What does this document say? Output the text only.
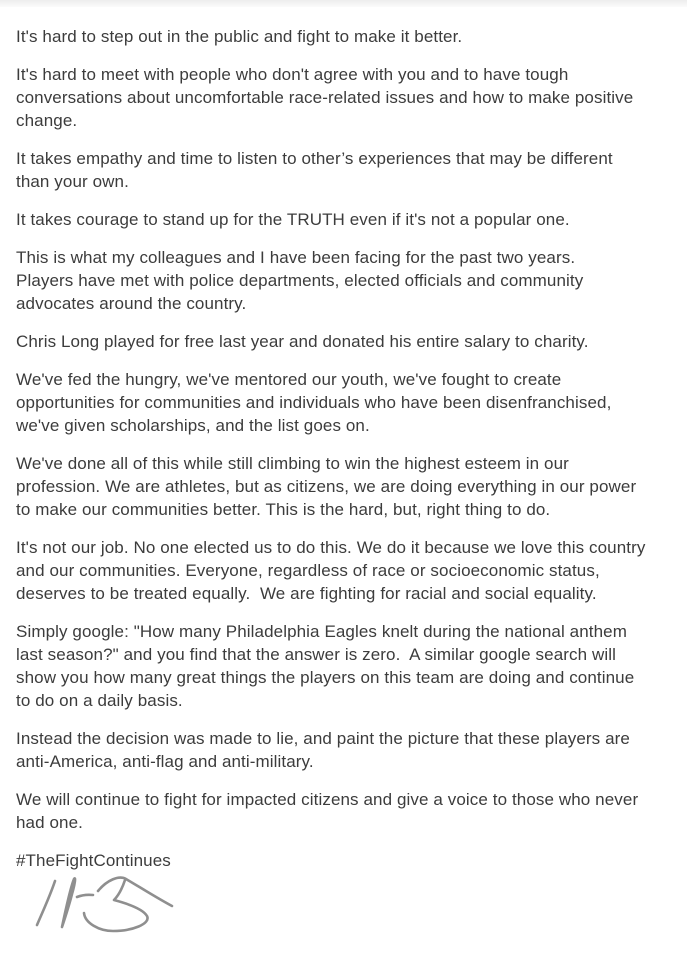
It's hard to step out in the public and fight to make it better.

It's hard to meet with people who don't agree with you and to have tough
conversations about uncomfortable race-related issues and how to make positive
change.

It takes empathy and time to listen to other’s experiences that may be different
than your own.

It takes courage to stand up for the TRUTH even if it's not a popular one.

This is what my colleagues and I have been facing for the past two years.
Players have met with police departments, elected officials and community
advocates around the country.

Chris Long played for free last year and donated his entire salary to charity.

We've fed the hungry, we've mentored our youth, we've fought to create
opportunities for communities and individuals who have been disenfranchised,
we've given scholarships, and the list goes on.

We've done all of this while still climbing to win the highest esteem in our
profession. We are athletes, but as citizens, we are doing everything in our power
to make our communities better. This is the hard, but, right thing to do.

It's not our job. No one elected us to do this. We do it because we love this country
and our communities. Everyone, regardless of race or socioeconomic status,
deserves to be treated equally.  We are fighting for racial and social equality.

Simply google: "How many Philadelphia Eagles knelt during the national anthem
last season?" and you find that the answer is zero.  A similar google search will
show you how many great things the players on this team are doing and continue
to do on a daily basis.

Instead the decision was made to lie, and paint the picture that these players are
anti-America, anti-flag and anti-military.

We will continue to fight for impacted citizens and give a voice to those who never
had one.

#TheFightContinues
